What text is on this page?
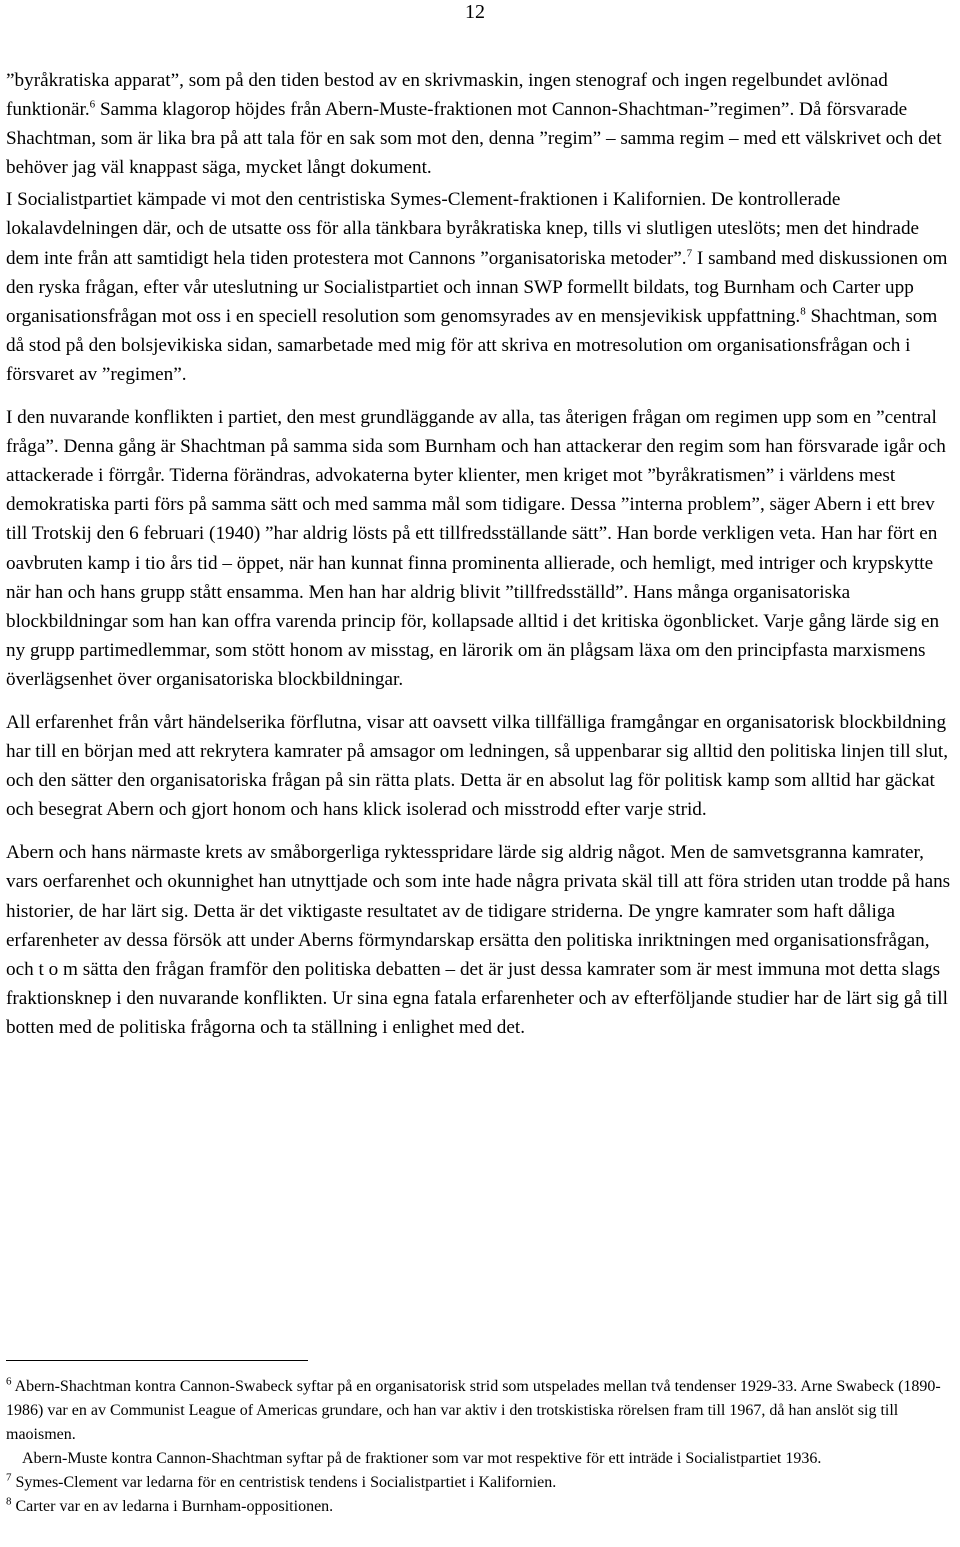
12

”byråkratiska apparat”, som på den tiden bestod av en skrivmaskin, ingen stenograf och ingen regelbundet avlönad funktionär.$^6$ Samma klagorop höjdes från Abern-Muste-fraktionen mot Cannon-Shachtman-”regimen”. Då försvarade Shachtman, som är lika bra på att tala för en sak som mot den, denna ”regim” – samma regim – med ett välskrivet och det behöver jag väl knappast säga, mycket långt dokument.

I Socialistpartiet kämpade vi mot den centristiska Symes-Clement-fraktionen i Kalifornien. De kontrollerade lokalavdelningen där, och de utsatte oss för alla tänkbara byråkratiska knep, tills vi slutligen uteslöts; men det hindrade dem inte från att samtidigt hela tiden protestera mot Cannons ”organisatoriska metoder”.$^7$ I samband med diskussionen om den ryska frågan, efter vår uteslutning ur Socialistpartiet och innan SWP formellt bildats, tog Burnham och Carter upp organisationsfrågan mot oss i en speciell resolution som genomsyrades av en mensjevikisk uppfattning.$^8$ Shachtman, som då stod på den bolsjevikiska sidan, samarbetade med mig för att skriva en motresolution om organisationsfrågan och i försvaret av ”regimen”.

I den nuvarande konflikten i partiet, den mest grundläggande av alla, tas återigen frågan om regimen upp som en ”central fråga”. Denna gång är Shachtman på samma sida som Burnham och han attackerar den regim som han försvarade igår och attackerade i förrgår. Tiderna förändras, advokaterna byter klienter, men kriget mot ”byråkratismen” i världens mest demokratiska parti förs på samma sätt och med samma mål som tidigare. Dessa ”interna problem”, säger Abern i ett brev till Trotskij den 6 februari (1940) ”har aldrig lösts på ett tillfredsställande sätt”. Han borde verkligen veta. Han har fört en oavbruten kamp i tio års tid – öppet, när han kunnat finna prominenta allierade, och hemligt, med intriger och krypskytte när han och hans grupp stått ensamma. Men han har aldrig blivit ”tillfredsställd”. Hans många organisatoriska blockbildningar som han kan offra varenda princip för, kollapsade alltid i det kritiska ögonblicket. Varje gång lärde sig en ny grupp partimedlemmar, som stött honom av misstag, en lärorik om än plågsam läxa om den principfasta marxismens överlägsenhet över organisatoriska blockbildningar.

All erfarenhet från vårt händelserika förflutna, visar att oavsett vilka tillfälliga framgångar en organisatorisk blockbildning har till en början med att rekrytera kamrater på amsagor om ledningen, så uppenbarar sig alltid den politiska linjen till slut, och den sätter den organisatoriska frågan på sin rätta plats. Detta är en absolut lag för politisk kamp som alltid har gäckat och besegrat Abern och gjort honom och hans klick isolerad och misstrodd efter varje strid.

Abern och hans närmaste krets av småborgerliga ryktesspridare lärde sig aldrig något. Men de samvetsgranna kamrater, vars oerfarenhet och okunnighet han utnyttjade och som inte hade några privata skäl till att föra striden utan trodde på hans historier, de har lärt sig. Detta är det viktigaste resultatet av de tidigare striderna. De yngre kamrater som haft dåliga erfarenheter av dessa försök att under Aberns förmyndarskap ersätta den politiska inriktningen med organisationsfrågan, och t o m sätta den frågan framför den politiska debatten – det är just dessa kamrater som är mest immuna mot detta slags fraktionsknep i den nuvarande konflikten. Ur sina egna fatala erfarenheter och av efterföljande studier har de lärt sig gå till botten med de politiska frågorna och ta ställning i enlighet med det.

$^6$ Abern-Shachtman kontra Cannon-Swabeck syftar på en organisatorisk strid som utspelades mellan två tendenser 1929-33. Arne Swabeck (1890- 1986) var en av Communist League of Americas grundare, och han var aktiv i den trotskistiska rörelsen fram till 1967, då han anslöt sig till maoismen.

Abern-Muste kontra Cannon-Shachtman syftar på de fraktioner som var mot respektive för ett inträde i Socialistpartiet 1936.

$^7$ Symes-Clement var ledarna för en centristisk tendens i Socialistpartiet i Kalifornien.

$^8$ Carter var en av ledarna i Burnham-oppositionen.
